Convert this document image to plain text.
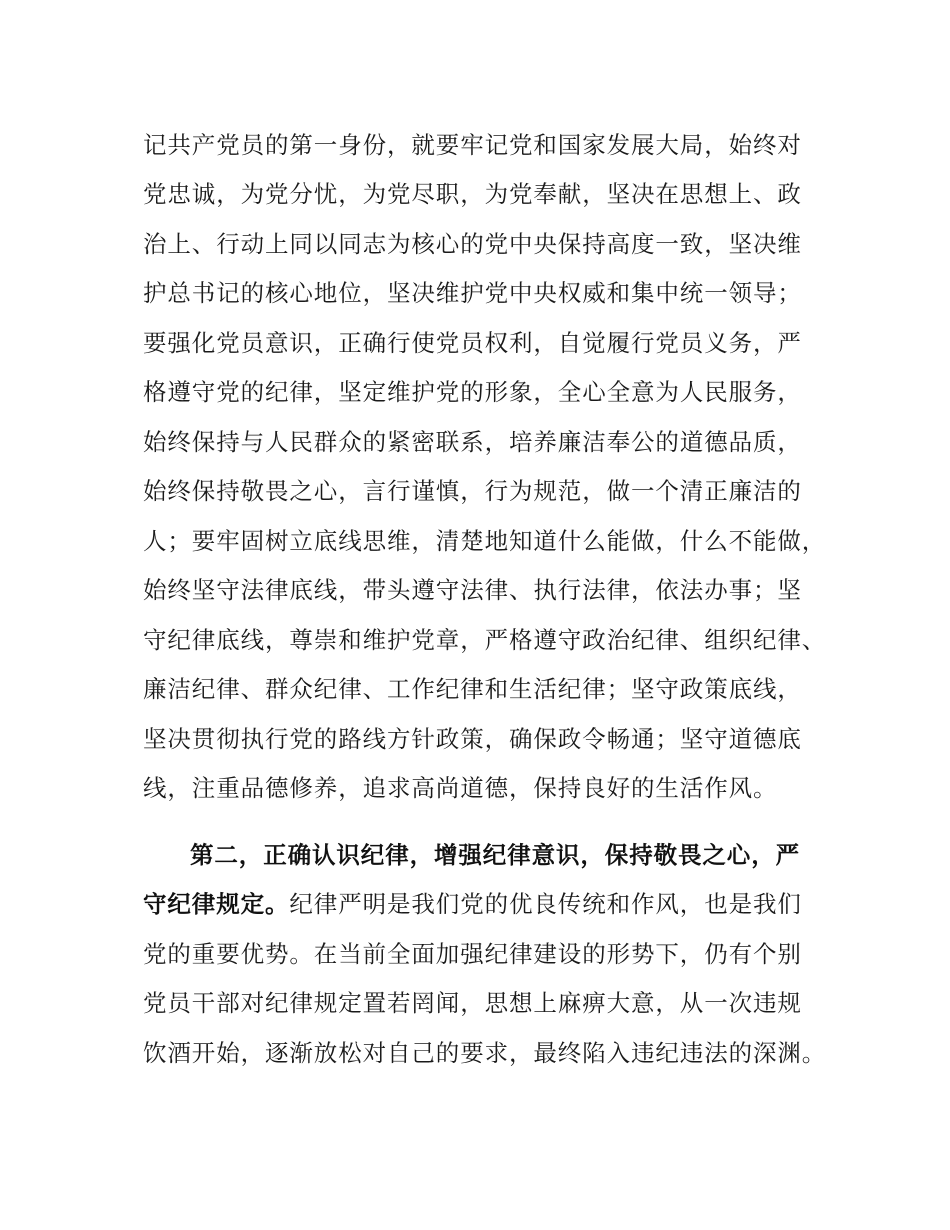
记共产党员的第一身份，就要牢记党和国家发展大局，始终对
党忠诚，为党分忧，为党尽职，为党奉献，坚决在思想上、政
治上、行动上同以同志为核心的党中央保持高度一致，坚决维
护总书记的核心地位，坚决维护党中央权威和集中统一领导；
要强化党员意识，正确行使党员权利，自觉履行党员义务，严
格遵守党的纪律，坚定维护党的形象，全心全意为人民服务，
始终保持与人民群众的紧密联系，培养廉洁奉公的道德品质，
始终保持敬畏之心，言行谨慎，行为规范，做一个清正廉洁的
人；要牢固树立底线思维，清楚地知道什么能做，什么不能做，
始终坚守法律底线，带头遵守法律、执行法律，依法办事；坚
守纪律底线，尊崇和维护党章，严格遵守政治纪律、组织纪律、
廉洁纪律、群众纪律、工作纪律和生活纪律；坚守政策底线，
坚决贯彻执行党的路线方针政策，确保政令畅通；坚守道德底
线，注重品德修养，追求高尚道德，保持良好的生活作风。
第二，正确认识纪律，增强纪律意识，保持敬畏之心，严
守纪律规定。纪律严明是我们党的优良传统和作风，也是我们
党的重要优势。在当前全面加强纪律建设的形势下，仍有个别
党员干部对纪律规定置若罔闻，思想上麻痹大意，从一次违规
饮酒开始，逐渐放松对自己的要求，最终陷入违纪违法的深渊。
